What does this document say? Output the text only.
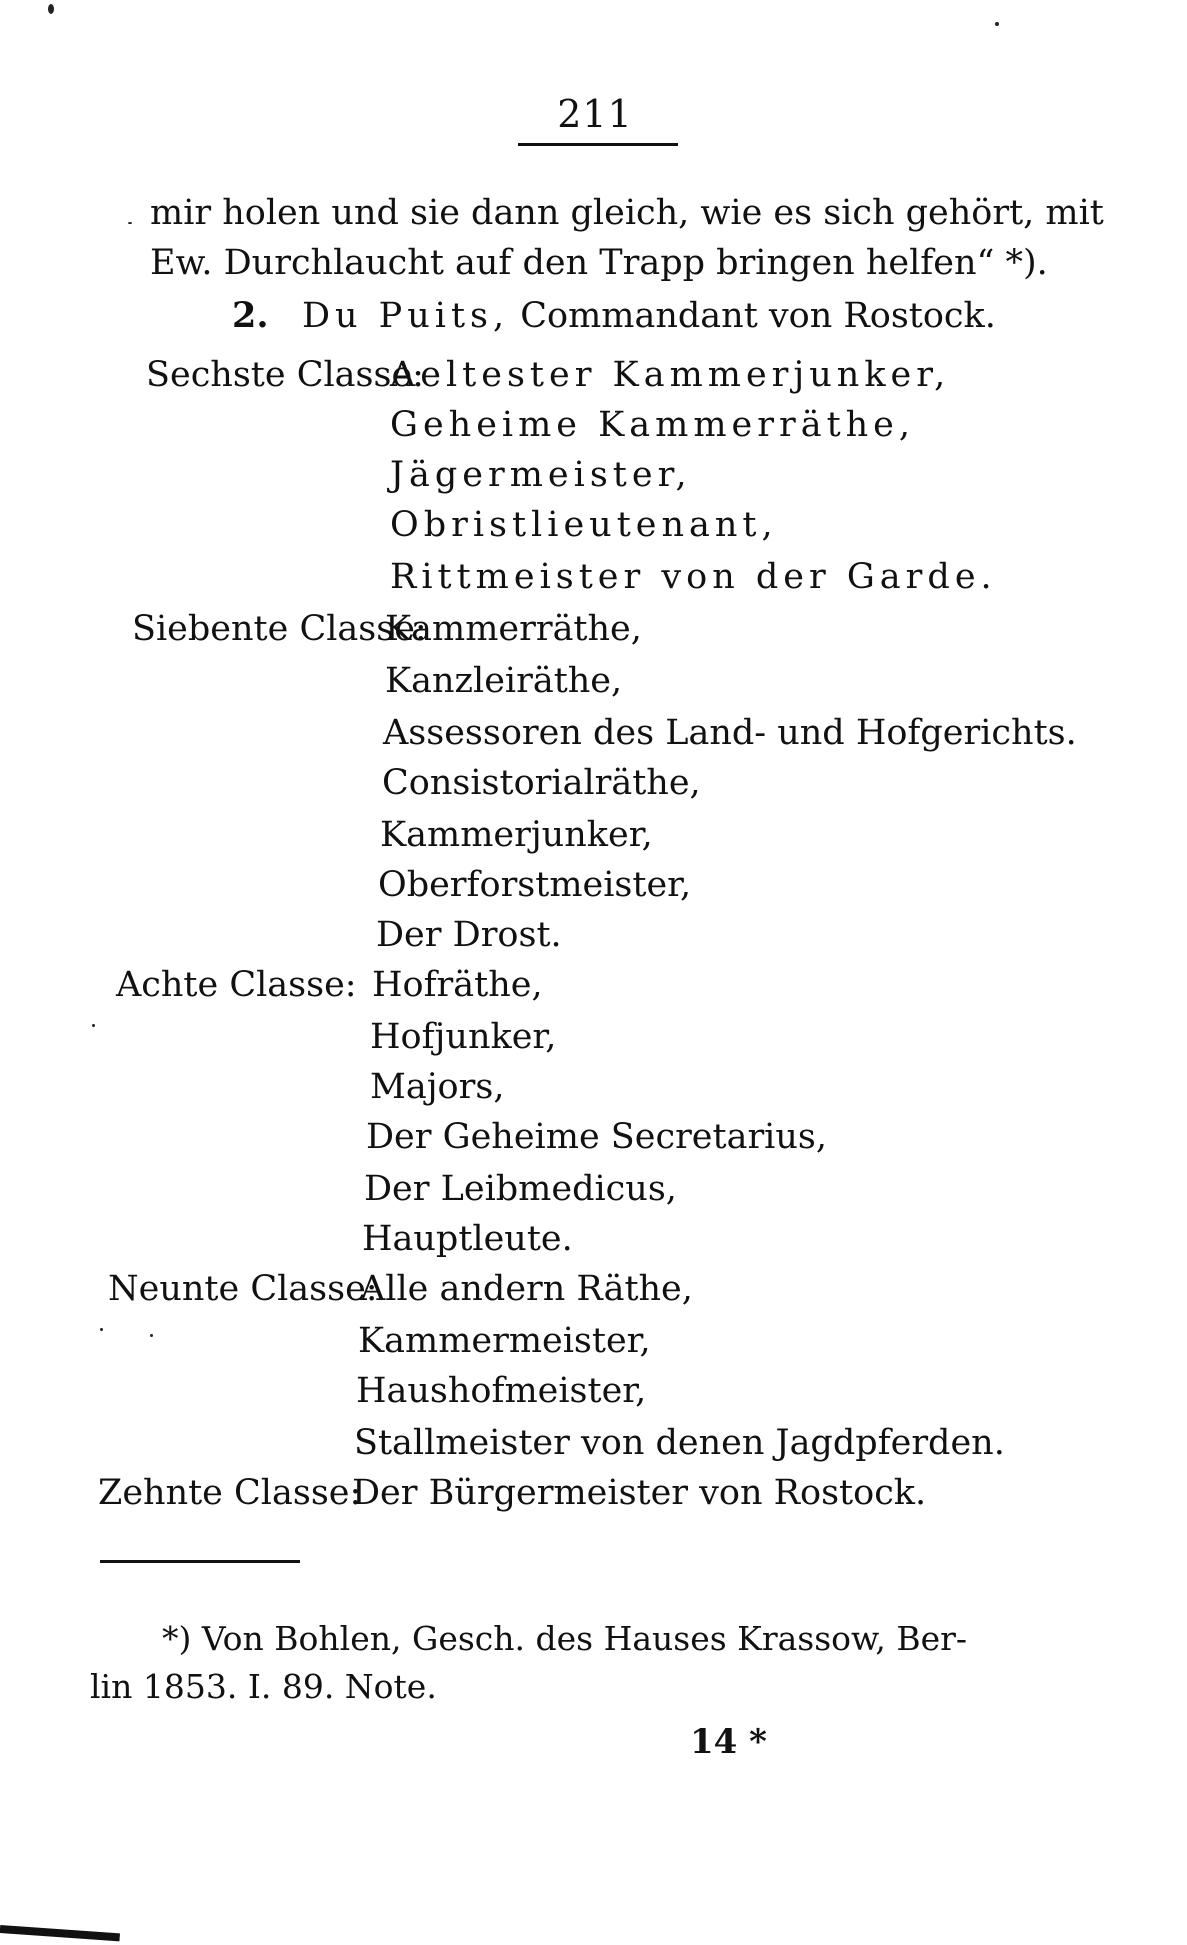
211
mir holen und sie dann gleich, wie es sich gehört, mit
Ew. Durchlaucht auf den Trapp bringen helfen“ *).
2. Du Puits, Commandant von Rostock.
Sechste Classe:
Aeltester Kammerjunker,
Geheime Kammerräthe,
Jägermeister,
Obristlieutenant,
Rittmeister von der Garde.
Siebente Classe:
Kammerräthe,
Kanzleiräthe,
Assessoren des Land- und Hofgerichts.
Consistorialräthe,
Kammerjunker,
Oberforstmeister,
Der Drost.
Achte Classe: Hofräthe,
Hofjunker,
Majors,
Der Geheime Secretarius,
Der Leibmedicus,
Hauptleute.
Neunte Classe:
Alle andern Räthe,
Kammermeister,
Haushofmeister,
Stallmeister von denen Jagdpferden.
Zehnte Classe:
Der Bürgermeister von Rostock.
*) Von Bohlen, Gesch. des Hauses Krassow, Ber-
lin 1853. I. 89. Note.
14 *
